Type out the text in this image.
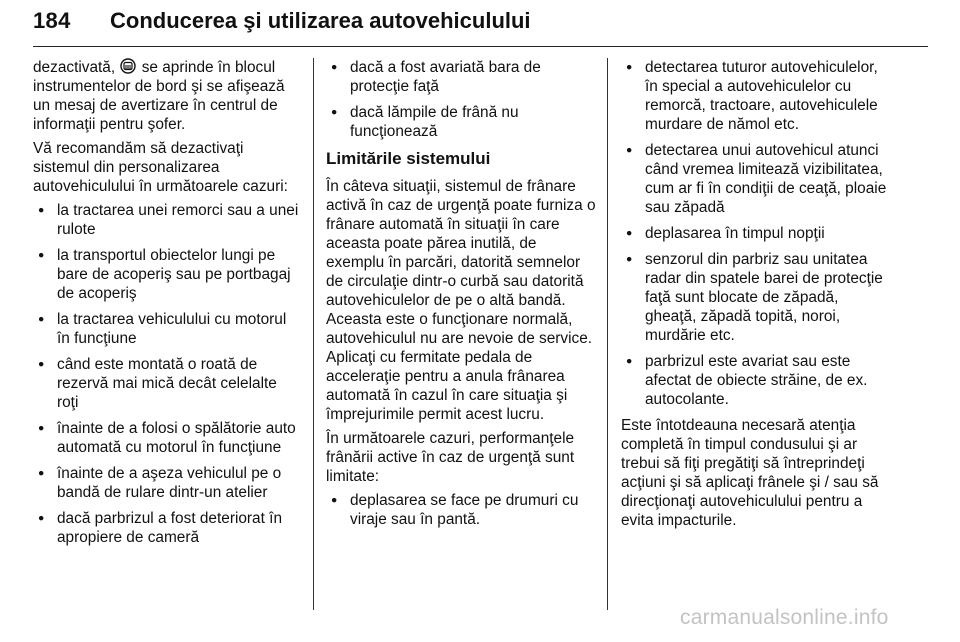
184 Conducerea şi utilizarea autovehiculului

dezactivată, se aprinde în blocul instrumentelor de bord şi se afişează un mesaj de avertizare în centrul de informaţii pentru şofer.

Vă recomandăm să dezactivaţi sistemul din personalizarea autovehiculului în următoarele cazuri:

● la tractarea unei remorci sau a unei rulote
● la transportul obiectelor lungi pe bare de acoperiş sau pe portbagaj de acoperiş
● la tractarea vehiculului cu motorul în funcţiune
● când este montată o roată de rezervă mai mică decât celelalte roţi
● înainte de a folosi o spălătorie auto automată cu motorul în funcţiune
● înainte de a aşeza vehiculul pe o bandă de rulare dintr-un atelier
● dacă parbrizul a fost deteriorat în apropiere de cameră
● dacă a fost avariată bara de protecţie faţă
● dacă lămpile de frână nu funcţionează
Limitările sistemului

În câteva situaţii, sistemul de frânare activă în caz de urgenţă poate furniza o frânare automată în situaţii în care aceasta poate părea inutilă, de exemplu în parcări, datorită semnelor de circulaţie dintr-o curbă sau datorită autovehiculelor de pe o altă bandă. Aceasta este o funcţionare normală, autovehiculul nu are nevoie de service. Aplicaţi cu fermitate pedala de acceleraţie pentru a anula frânarea automată în cazul în care situaţia şi împrejurimile permit acest lucru.

În următoarele cazuri, performanţele frânării active în caz de urgenţă sunt limitate:

● deplasarea se face pe drumuri cu viraje sau în pantă.
● detectarea tuturor autovehiculelor, în special a autovehiculelor cu remorcă, tractoare, autovehiculele murdare de nămol etc.
● detectarea unui autovehicul atunci când vremea limitează vizibilitatea, cum ar fi în condiţii de ceaţă, ploaie sau zăpadă
● deplasarea în timpul nopţii
● senzorul din parbriz sau unitatea radar din spatele barei de protecţie faţă sunt blocate de zăpadă, gheaţă, zăpadă topită, noroi, murdărie etc.
● parbrizul este avariat sau este afectat de obiecte străine, de ex. autocolante.

Este întotdeauna necesară atenţia completă în timpul condusului şi ar trebui să fiţi pregătiţi să întreprindeţi acţiuni şi să aplicaţi frânele şi / sau să direcţionaţi autovehiculului pentru a evita impacturile.

carmanualsonline.info
